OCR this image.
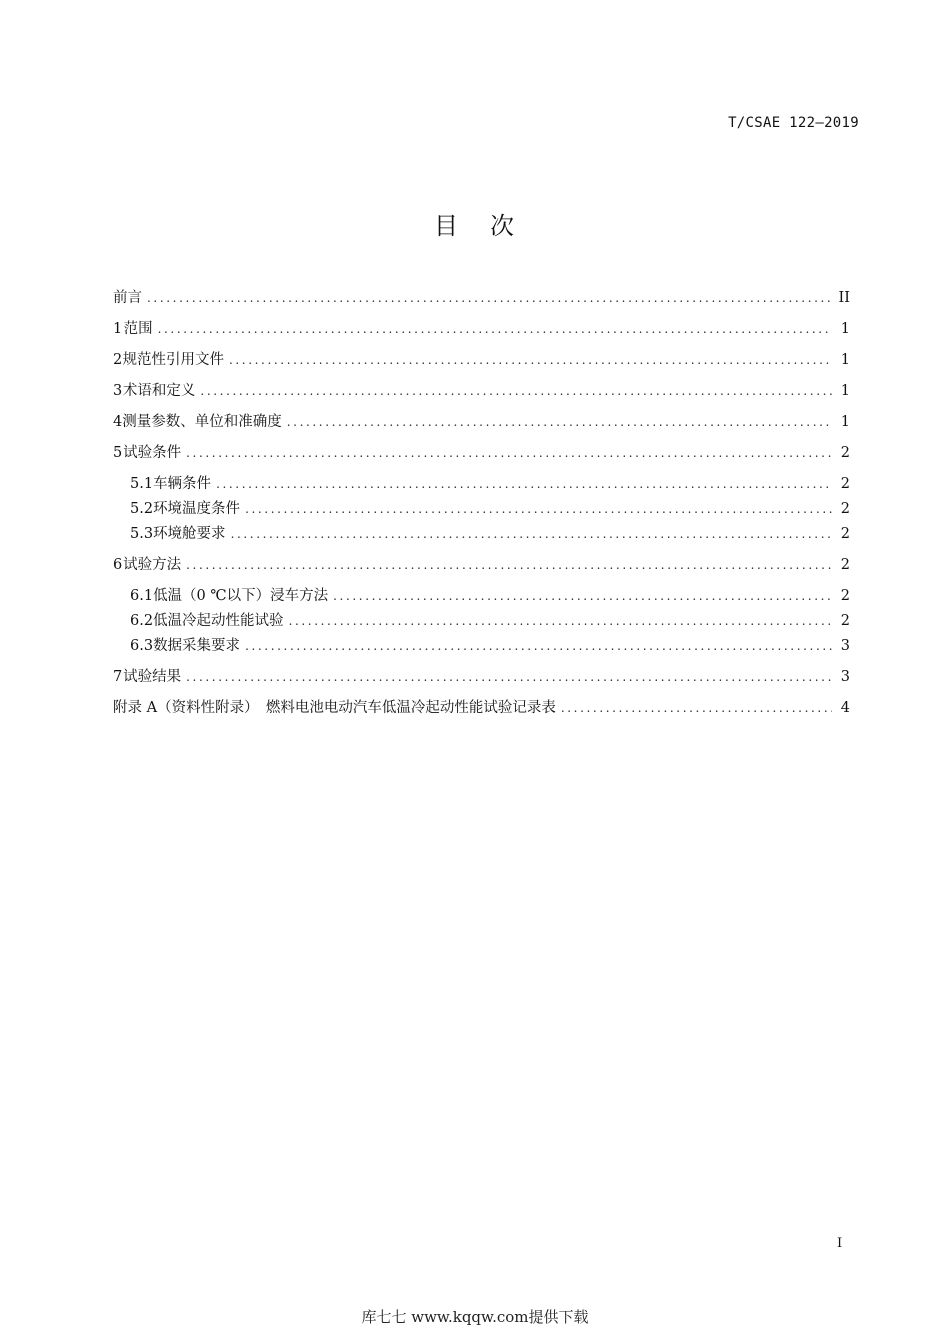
T/CSAE 122—2019
目 次
前言 .....	II
1 范围 .....	1
2 规范性引用文件 .....	1
3 术语和定义 .....	1
4 测量参数、单位和准确度 .....	1
5 试验条件 .....	2
5.1 车辆条件 .....	2
5.2 环境温度条件 .....	2
5.3 环境舱要求 .....	2
6 试验方法 .....	2
6.1 低温（0 ℃以下）浸车方法 .....	2
6.2 低温冷起动性能试验 .....	2
6.3 数据采集要求 .....	3
7 试验结果 .....	3
附录 A（资料性附录）　燃料电池电动汽车低温冷起动性能试验记录表 .....	4
I
库七七 www.kqqw.com提供下载
